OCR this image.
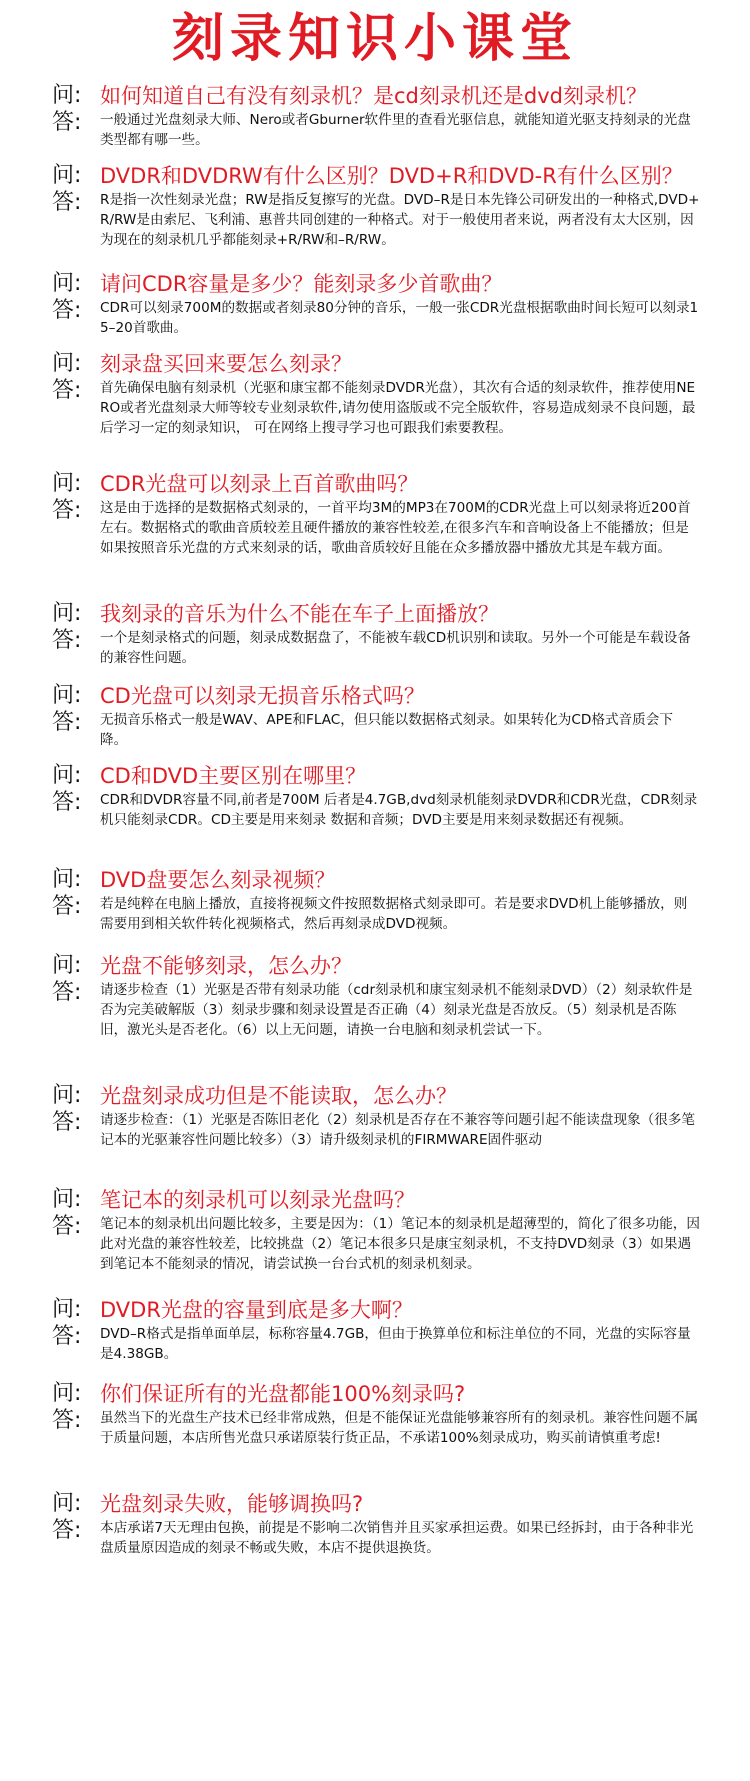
刻录知识小课堂
问: 如何知道自己有没有刻录机？是cd刻录机还是dvd刻录机？
答: 一般通过光盘刻录大师、Nero或者Gburner软件里的查看光驱信息，就能知道光驱支持刻录的光盘类型都有哪一些。
问: DVDR和DVDRW有什么区别？DVD+R和DVD-R有什么区别？
答: R是指一次性刻录光盘；RW是指反复擦写的光盘。DVD–R是日本先锋公司研发出的一种格式,DVD+R/RW是由索尼、飞利浦、惠普共同创建的一种格式。对于一般使用者来说，两者没有太大区别，因为现在的刻录机几乎都能刻录+R/RW和–R/RW。
问: 请问CDR容量是多少？能刻录多少首歌曲？
答: CDR可以刻录700M的数据或者刻录80分钟的音乐，一般一张CDR光盘根据歌曲时间长短可以刻录15–20首歌曲。
问: 刻录盘买回来要怎么刻录？
答: 首先确保电脑有刻录机（光驱和康宝都不能刻录DVDR光盘），其次有合适的刻录软件，推荐使用NERO或者光盘刻录大师等较专业刻录软件,请勿使用盗版或不完全版软件，容易造成刻录不良问题，最后学习一定的刻录知识， 可在网络上搜寻学习也可跟我们索要教程。
问: CDR光盘可以刻录上百首歌曲吗？
答: 这是由于选择的是数据格式刻录的，一首平均3M的MP3在700M的CDR光盘上可以刻录将近200首左右。数据格式的歌曲音质较差且硬件播放的兼容性较差,在很多汽车和音响设备上不能播放；但是如果按照音乐光盘的方式来刻录的话，歌曲音质较好且能在众多播放器中播放尤其是车载方面。
问: 我刻录的音乐为什么不能在车子上面播放？
答: 一个是刻录格式的问题，刻录成数据盘了，不能被车载CD机识别和读取。另外一个可能是车载设备的兼容性问题。
问: CD光盘可以刻录无损音乐格式吗？
答: 无损音乐格式一般是WAV、APE和FLAC，但只能以数据格式刻录。如果转化为CD格式音质会下降。
问: CD和DVD主要区别在哪里？
答: CDR和DVDR容量不同,前者是700M 后者是4.7GB,dvd刻录机能刻录DVDR和CDR光盘，CDR刻录机只能刻录CDR。CD主要是用来刻录 数据和音频；DVD主要是用来刻录数据还有视频。
问: DVD盘要怎么刻录视频？
答: 若是纯粹在电脑上播放，直接将视频文件按照数据格式刻录即可。若是要求DVD机上能够播放，则需要用到相关软件转化视频格式，然后再刻录成DVD视频。
问: 光盘不能够刻录，怎么办？
答: 请逐步检查（1）光驱是否带有刻录功能（cdr刻录机和康宝刻录机不能刻录DVD）（2）刻录软件是否为完美破解版（3）刻录步骤和刻录设置是否正确（4）刻录光盘是否放反。（5）刻录机是否陈旧，激光头是否老化。（6）以上无问题，请换一台电脑和刻录机尝试一下。
问: 光盘刻录成功但是不能读取，怎么办？
答: 请逐步检查：（1）光驱是否陈旧老化（2）刻录机是否存在不兼容等问题引起不能读盘现象（很多笔记本的光驱兼容性问题比较多）（3）请升级刻录机的FIRMWARE固件驱动
问: 笔记本的刻录机可以刻录光盘吗？
答: 笔记本的刻录机出问题比较多，主要是因为：（1）笔记本的刻录机是超薄型的，简化了很多功能，因此对光盘的兼容性较差，比较挑盘（2）笔记本很多只是康宝刻录机，不支持DVD刻录（3）如果遇到笔记本不能刻录的情况，请尝试换一台台式机的刻录机刻录。
问: DVDR光盘的容量到底是多大啊？
答: DVD–R格式是指单面单层，标称容量4.7GB，但由于换算单位和标注单位的不同，光盘的实际容量是4.38GB。
问: 你们保证所有的光盘都能100%刻录吗?
答: 虽然当下的光盘生产技术已经非常成熟，但是不能保证光盘能够兼容所有的刻录机。兼容性问题不属于质量问题，本店所售光盘只承诺原装行货正品，不承诺100%刻录成功，购买前请慎重考虑!
问: 光盘刻录失败，能够调换吗?
答: 本店承诺7天无理由包换，前提是不影响二次销售并且买家承担运费。如果已经拆封，由于各种非光盘质量原因造成的刻录不畅或失败，本店不提供退换货。
